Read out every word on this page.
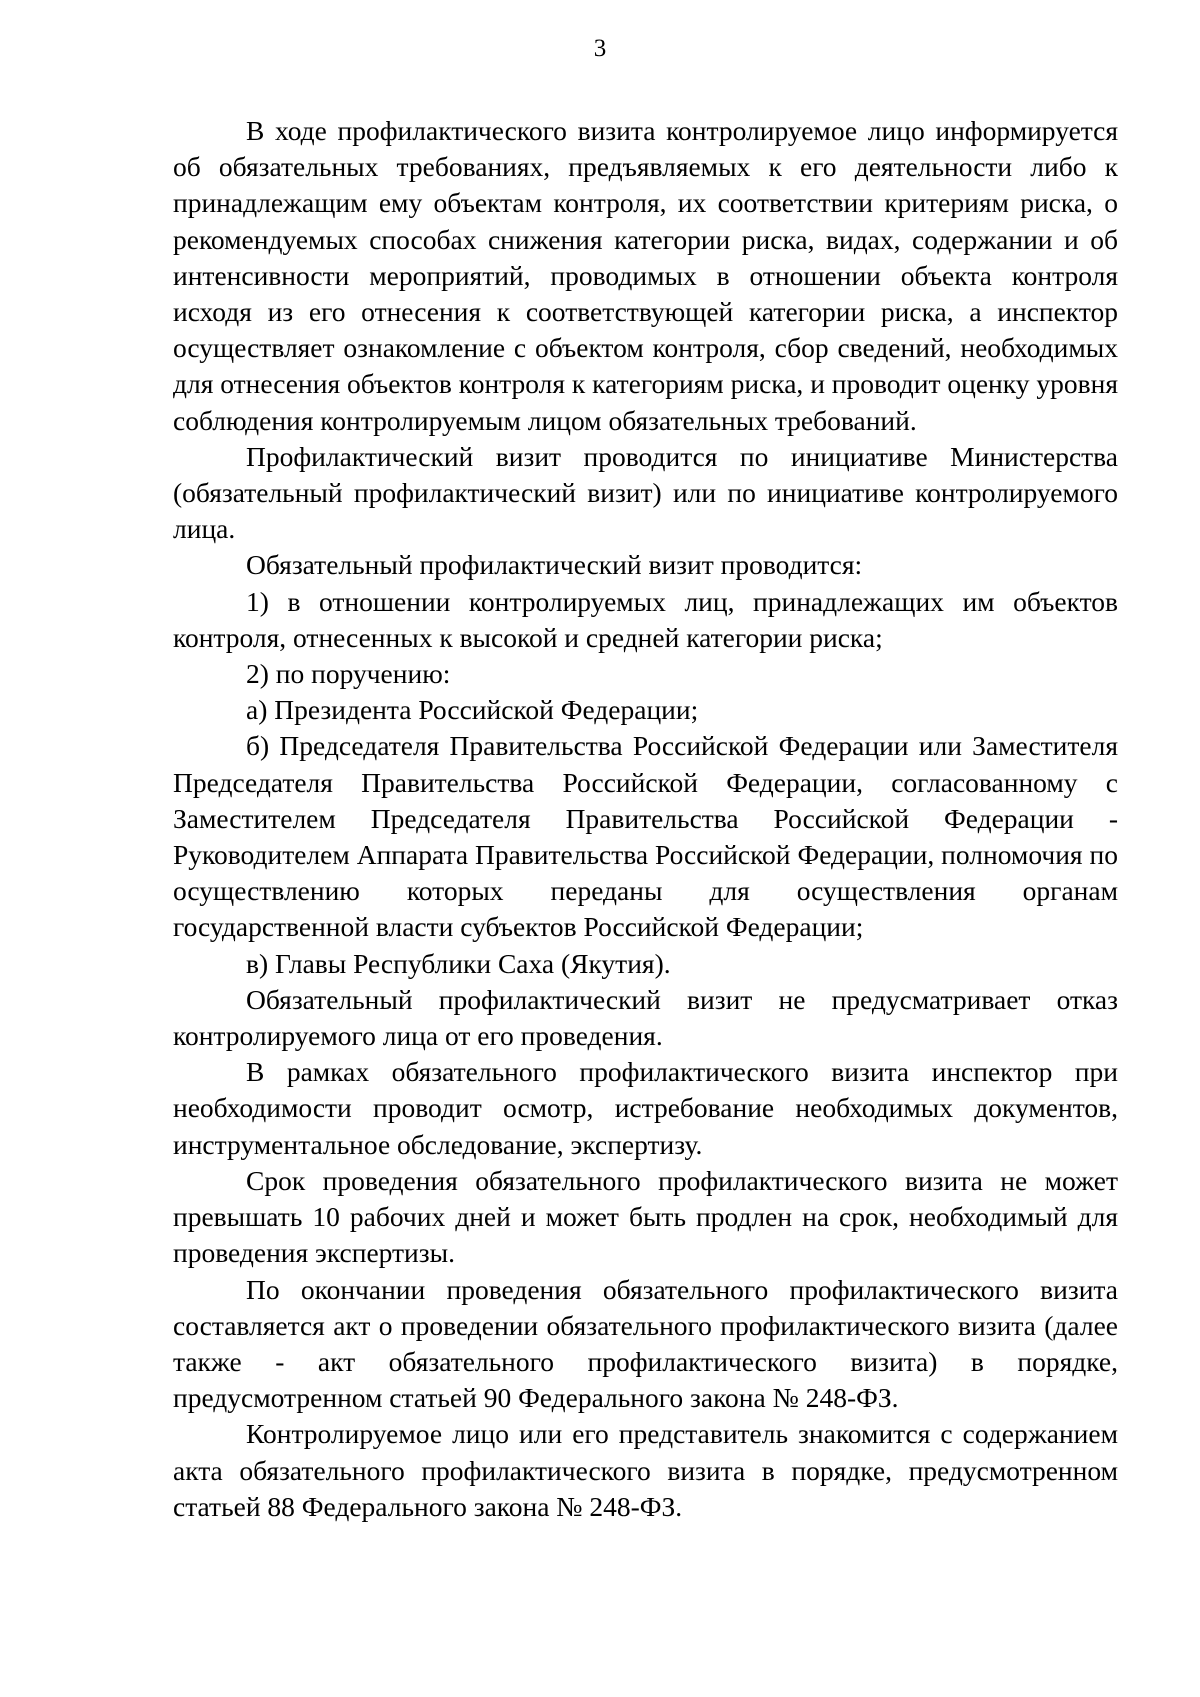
3

В ходе профилактического визита контролируемое лицо информируется об обязательных требованиях, предъявляемых к его деятельности либо к принадлежащим ему объектам контроля, их соответствии критериям риска, о рекомендуемых способах снижения категории риска, видах, содержании и об интенсивности мероприятий, проводимых в отношении объекта контроля исходя из его отнесения к соответствующей категории риска, а инспектор осуществляет ознакомление с объектом контроля, сбор сведений, необходимых для отнесения объектов контроля к категориям риска, и проводит оценку уровня соблюдения контролируемым лицом обязательных требований.

Профилактический визит проводится по инициативе Министерства (обязательный профилактический визит) или по инициативе контролируемого лица.

Обязательный профилактический визит проводится:

1) в отношении контролируемых лиц, принадлежащих им объектов контроля, отнесенных к высокой и средней категории риска;

2) по поручению:

а) Президента Российской Федерации;

б) Председателя Правительства Российской Федерации или Заместителя Председателя Правительства Российской Федерации, согласованному с Заместителем Председателя Правительства Российской Федерации - Руководителем Аппарата Правительства Российской Федерации, полномочия по осуществлению которых переданы для осуществления органам государственной власти субъектов Российской Федерации;

в) Главы Республики Саха (Якутия).

Обязательный профилактический визит не предусматривает отказ контролируемого лица от его проведения.

В рамках обязательного профилактического визита инспектор при необходимости проводит осмотр, истребование необходимых документов, инструментальное обследование, экспертизу.

Срок проведения обязательного профилактического визита не может превышать 10 рабочих дней и может быть продлен на срок, необходимый для проведения экспертизы.

По окончании проведения обязательного профилактического визита составляется акт о проведении обязательного профилактического визита (далее также - акт обязательного профилактического визита) в порядке, предусмотренном статьей 90 Федерального закона № 248-ФЗ.

Контролируемое лицо или его представитель знакомится с содержанием акта обязательного профилактического визита в порядке, предусмотренном статьей 88 Федерального закона № 248-ФЗ.
